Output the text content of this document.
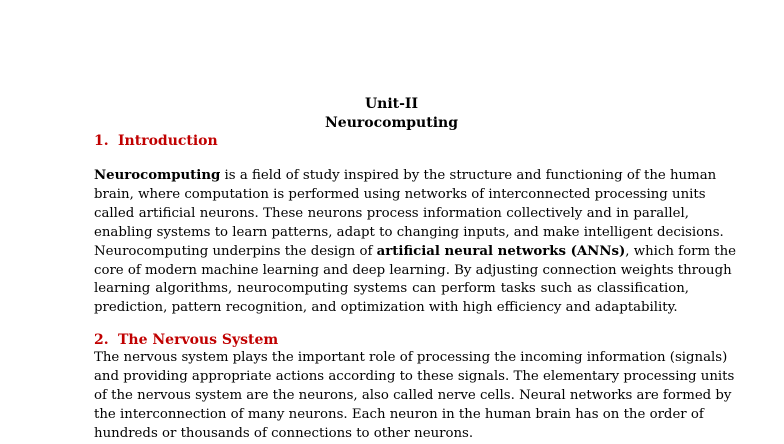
Unit-II
Neurocomputing
1. Introduction
Neurocomputing is a field of study inspired by the structure and functioning of the human
brain, where computation is performed using networks of interconnected processing units
called artificial neurons. These neurons process information collectively and in parallel,
enabling systems to learn patterns, adapt to changing inputs, and make intelligent decisions.
Neurocomputing underpins the design of artificial neural networks (ANNs), which form the
core of modern machine learning and deep learning. By adjusting connection weights through
learning algorithms, neurocomputing systems can perform tasks such as classification,
prediction, pattern recognition, and optimization with high efficiency and adaptability.
2. The Nervous System
The nervous system plays the important role of processing the incoming information (signals)
and providing appropriate actions according to these signals. The elementary processing units
of the nervous system are the neurons, also called nerve cells. Neural networks are formed by
the interconnection of many neurons. Each neuron in the human brain has on the order of
hundreds or thousands of connections to other neurons.
